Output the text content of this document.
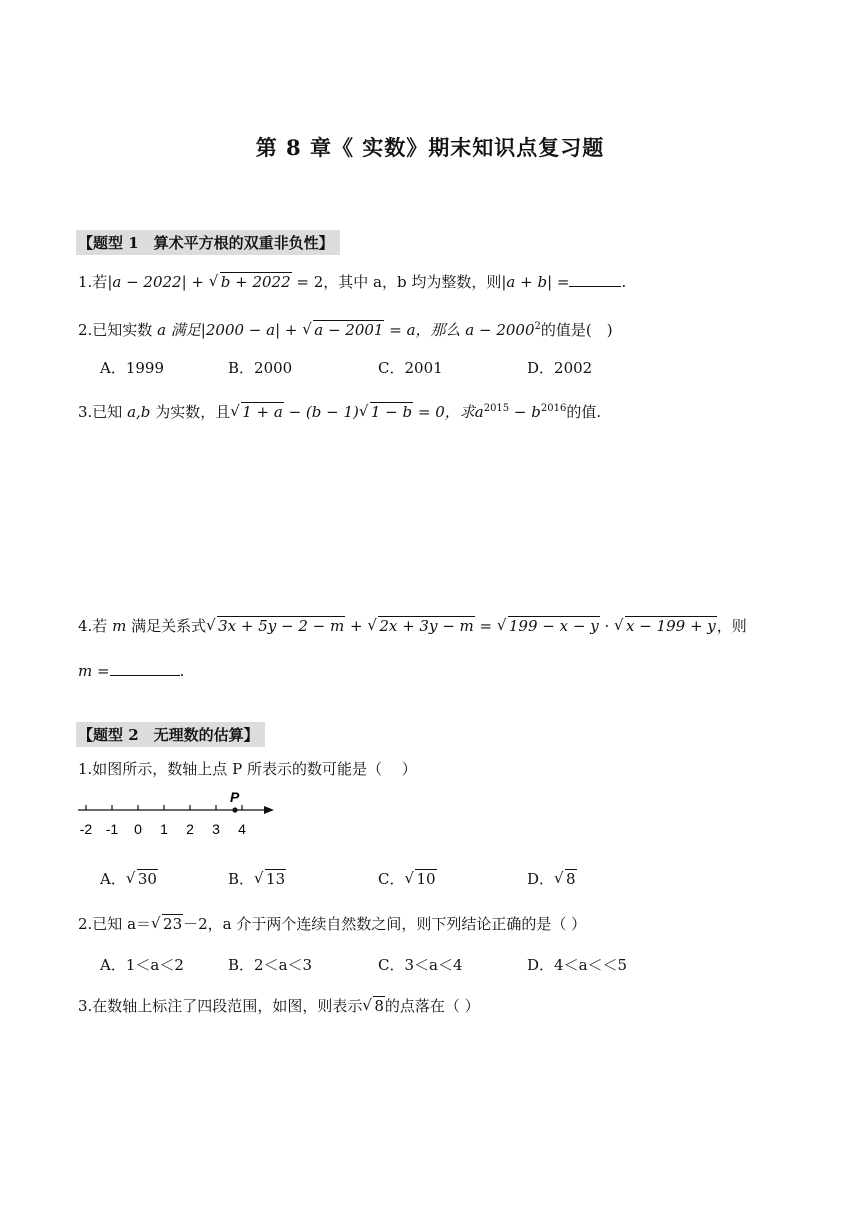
第 8 章《 实数》期末知识点复习题
【题型 1　算术平方根的双重非负性】
1.若|a − 2022| + √ b + 2022 = 2，其中 a，b 均为整数，则|a + b| =	.
2.已知实数 a 满足|2000 − a| + √ a − 2001 = a，那么 $a - 2000^2$的值是(　)
A．1999	B．2000	C．2001	D．2002
3.已知 a,b 为实数，且 √ 1 + a − (b − 1) √ 1 − b = 0，求$a^{2015} - b^{2016}$的值.
4.若 m 满足关系式 √ 3x + 5y − 2 − m + √ 2x + 3y − m = √ 199 − x − y · √ x − 199 + y，则
m =	.
【题型 2　无理数的估算】
1.如图所示，数轴上点 P 所表示的数可能是（　 ）
-2 -1 0 1 2 3 4
P
A． √ 30	B． √ 13	C． √ 10	D． √ 8
2.已知 a＝ √ 23－2，a 介于两个连续自然数之间，则下列结论正确的是（ ）
A．1＜a＜2	B．2＜a＜3	C．3＜a＜4	D．4＜a＜＜5
3.在数轴上标注了四段范围，如图，则表示 √ 8的点落在（ ）
